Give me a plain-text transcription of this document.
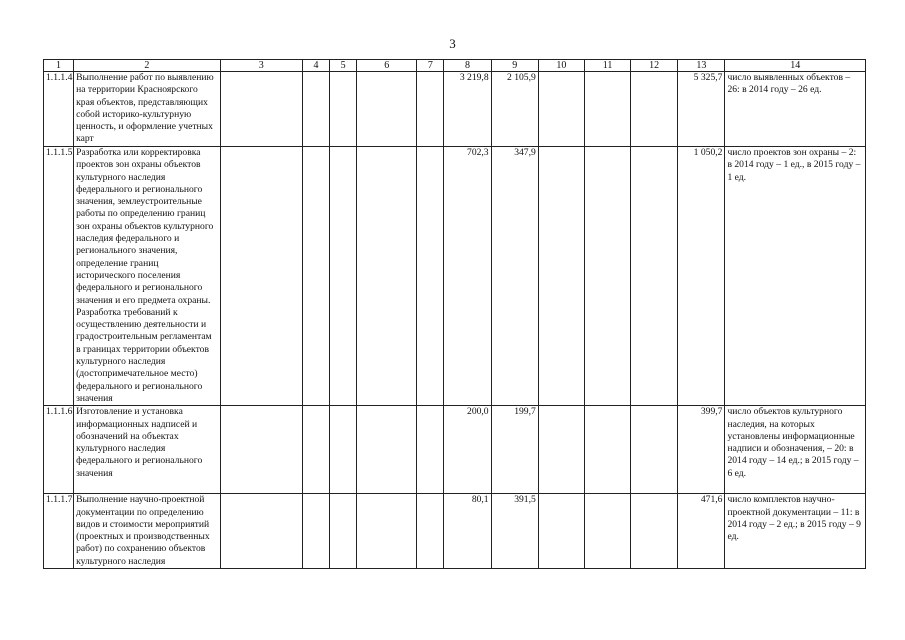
3
1	2	3	4	5	6	7	8	9	10	11	12	13	14
1.1.1.4	Выполнение работ по выявлению на территории Красноярского края объектов, представляющих собой историко-культурную ценность, и оформление учетных карт						3 219,8	2 105,9				5 325,7	число выявленных объектов – 26: в 2014 году – 26 ед.
1.1.1.5	Разработка или корректировка проектов зон охраны объектов культурного наследия федерального и регионального значения, землеустроительные работы по определению границ зон охраны объектов культурного наследия федерального и регионального значения, определение границ исторического поселения федерального и регионального значения и его предмета охраны. Разработка требований к осуществлению деятельности и градостроительным регламентам в границах территории объектов культурного наследия (достопримечательное место) федерального и регионального значения						702,3	347,9				1 050,2	число проектов зон охраны – 2: в 2014 году – 1 ед., в 2015 году – 1 ед.
1.1.1.6	Изготовление и установка информационных надписей и обозначений на объектах культурного наследия федерального и регионального значения						200,0	199,7				399,7	число объектов культурного наследия, на которых установлены информационные надписи и обозначения, – 20: в 2014 году – 14 ед.; в 2015 году – 6 ед.
1.1.1.7	Выполнение научно-проектной документации по определению видов и стоимости мероприятий (проектных и производственных работ) по сохранению объектов культурного наследия						80,1	391,5				471,6	число комплектов научно-проектной документации – 11: в 2014 году – 2 ед.; в 2015 году – 9 ед.
